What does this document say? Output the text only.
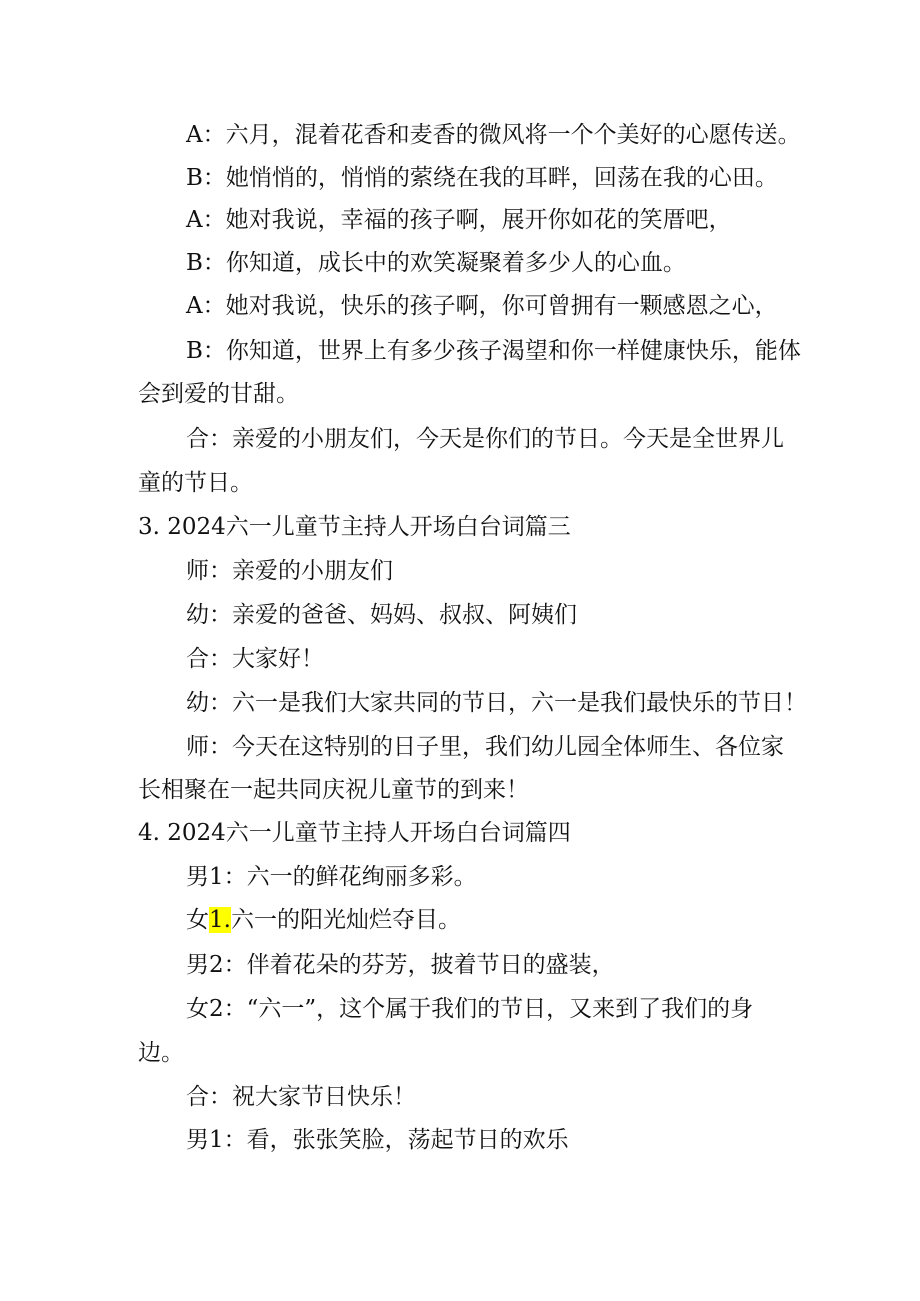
A：六月，混着花香和麦香的微风将一个个美好的心愿传送。
B：她悄悄的，悄悄的萦绕在我的耳畔，回荡在我的心田。
A：她对我说，幸福的孩子啊，展开你如花的笑厝吧，
B：你知道，成长中的欢笑凝聚着多少人的心血。
A：她对我说，快乐的孩子啊，你可曾拥有一颗感恩之心，
B：你知道，世界上有多少孩子渴望和你一样健康快乐，能体
会到爱的甘甜。
合：亲爱的小朋友们，今天是你们的节日。今天是全世界儿
童的节日。
3. 2024六一儿童节主持人开场白台词篇三
师：亲爱的小朋友们
幼：亲爱的爸爸、妈妈、叔叔、阿姨们
合：大家好！
幼：六一是我们大家共同的节日，六一是我们最快乐的节日！
师：今天在这特别的日子里，我们幼儿园全体师生、各位家
长相聚在一起共同庆祝儿童节的到来！
4. 2024六一儿童节主持人开场白台词篇四
男1：六一的鲜花绚丽多彩。
女1.六一的阳光灿烂夺目。
男2：伴着花朵的芬芳，披着节日的盛装，
女2：“六一”，这个属于我们的节日，又来到了我们的身
边。
合：祝大家节日快乐！
男1：看，张张笑脸，荡起节日的欢乐
